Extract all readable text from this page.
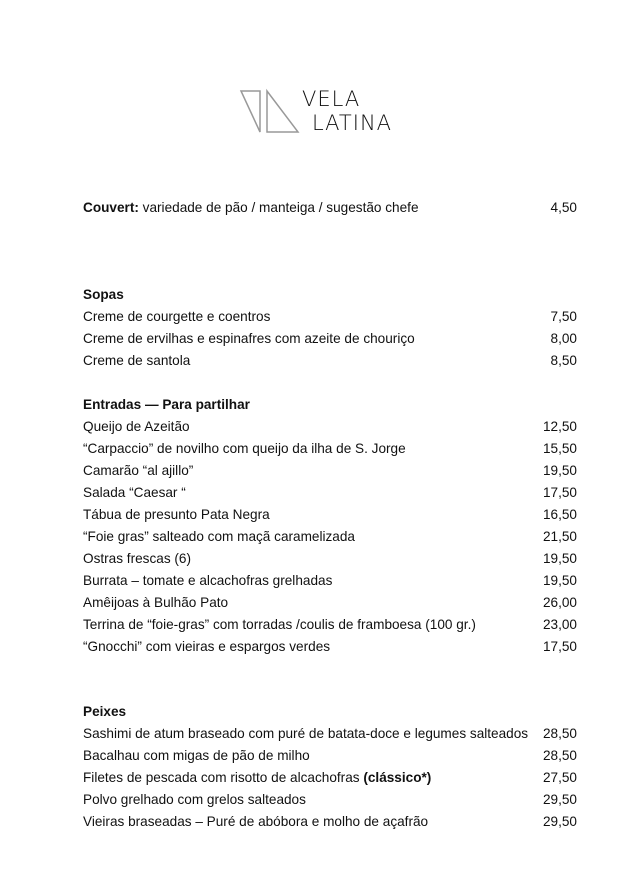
VELA
LATINA
Couvert: variedade de pão / manteiga / sugestão chefe	4,50
Sopas
Creme de courgette e coentros	7,50
Creme de ervilhas e espinafres com azeite de chouriço	8,00
Creme de santola	8,50
Entradas — Para partilhar
Queijo de Azeitão	12,50
“Carpaccio” de novilho com queijo da ilha de S. Jorge	15,50
Camarão “al ajillo”	19,50
Salada “Caesar “	17,50
Tábua de presunto Pata Negra	16,50
“Foie gras” salteado com maçã caramelizada	21,50
Ostras frescas (6)	19,50
Burrata – tomate e alcachofras grelhadas	19,50
Amêijoas à Bulhão Pato	26,00
Terrina de “foie-gras” com torradas /coulis de framboesa (100 gr.)	23,00
“Gnocchi” com vieiras e espargos verdes	17,50
Peixes
Sashimi de atum braseado com puré de batata-doce e legumes salteados 28,50
Bacalhau com migas de pão de milho	28,50
Filetes de pescada com risotto de alcachofras (clássico*)	27,50
Polvo grelhado com grelos salteados	29,50
Vieiras braseadas – Puré de abóbora e molho de açafrão	29,50
